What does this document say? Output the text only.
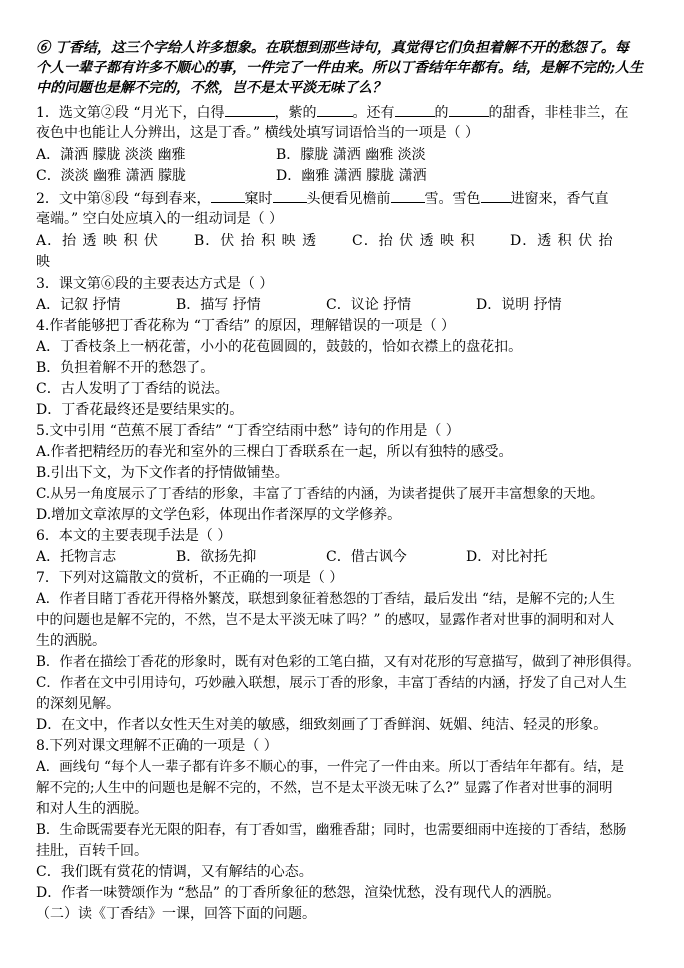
⑥ 丁香结，这三个字给人许多想象。在联想到那些诗句，真觉得它们负担着解不开的愁怨了。每
个人一辈子都有许多不顺心的事，一件完了一件由来。所以丁香结年年都有。结，是解不完的;人生
中的问题也是解不完的，不然，岂不是太平淡无味了么？
1．选文第②段 “月光下，白得	，紫的	。还有	的	的甜香，非桂非兰，在
夜色中也能让人分辨出，这是丁香。” 横线处填写词语恰当的一项是（ ）
A．潇洒 朦胧 淡淡 幽雅	B．朦胧 潇洒 幽雅 淡淡
C．淡淡 幽雅 潇洒 朦胧	D．幽雅 潇洒 朦胧 潇洒
2．文中第⑧段 “每到春来， 窠时 头便看见檐前 雪。雪色 进窗来，香气直
毫端。” 空白处应填入的一组动词是（ ）
A．抬 透 映 积 伏	B．伏 抬 积 映 透 C．抬 伏 透 映 积 D．透 积 伏 抬
映
3．课文第⑥段的主要表达方式是（ ）
A．记叙 抒情	B．描写 抒情	C．议论 抒情	D．说明 抒情
4.作者能够把丁香花称为 “丁香结” 的原因，理解错误的一项是（ ）
A．丁香枝条上一柄花蕾，小小的花苞圆圆的，鼓鼓的，恰如衣襟上的盘花扣。
B．负担着解不开的愁怨了。
C．古人发明了丁香结的说法。
D．丁香花最终还是要结果实的。
5.文中引用 “芭蕉不展丁香结” “丁香空结雨中愁” 诗句的作用是（ ）
A.作者把精经历的春光和室外的三棵白丁香联系在一起，所以有独特的感受。
B.引出下文，为下文作者的抒情做铺垫。
C.从另一角度展示了丁香结的形象，丰富了丁香结的内涵，为读者提供了展开丰富想象的天地。
D.增加文章浓厚的文学色彩，体现出作者深厚的文学修养。
6．本文的主要表现手法是（ ）
A．托物言志	B．欲扬先抑	C．借古讽今	D．对比衬托
7．下列对这篇散文的赏析，不正确的一项是（ ）
A．作者目睹丁香花开得格外繁茂，联想到象征着愁怨的丁香结，最后发出 “结，是解不完的;人生
中的问题也是解不完的，不然，岂不是太平淡无味了吗？” 的感叹，显露作者对世事的洞明和对人
生的洒脱。
B．作者在描绘丁香花的形象时，既有对色彩的工笔白描，又有对花形的写意描写，做到了神形俱得。
C．作者在文中引用诗句，巧妙融入联想，展示丁香的形象，丰富丁香结的内涵，抒发了自己对人生
的深刻见解。
D．在文中，作者以女性天生对美的敏感，细致刻画了丁香鲜润、妩媚、纯洁、轻灵的形象。
8.下列对课文理解不正确的一项是（ ）
A．画线句 “每个人一辈子都有许多不顺心的事，一件完了一件由来。所以丁香结年年都有。结，是
解不完的;人生中的问题也是解不完的，不然，岂不是太平淡无味了么?” 显露了作者对世事的洞明
和对人生的洒脱。
B．生命既需要春光无限的阳春，有丁香如雪，幽雅香甜；同时，也需要细雨中连接的丁香结，愁肠
挂肚，百转千回。
C．我们既有赏花的情调，又有解结的心态。
D．作者一味赞颂作为 “愁品” 的丁香所象征的愁怨，渲染忧愁，没有现代人的洒脱。
（二）读《丁香结》一课，回答下面的问题。
